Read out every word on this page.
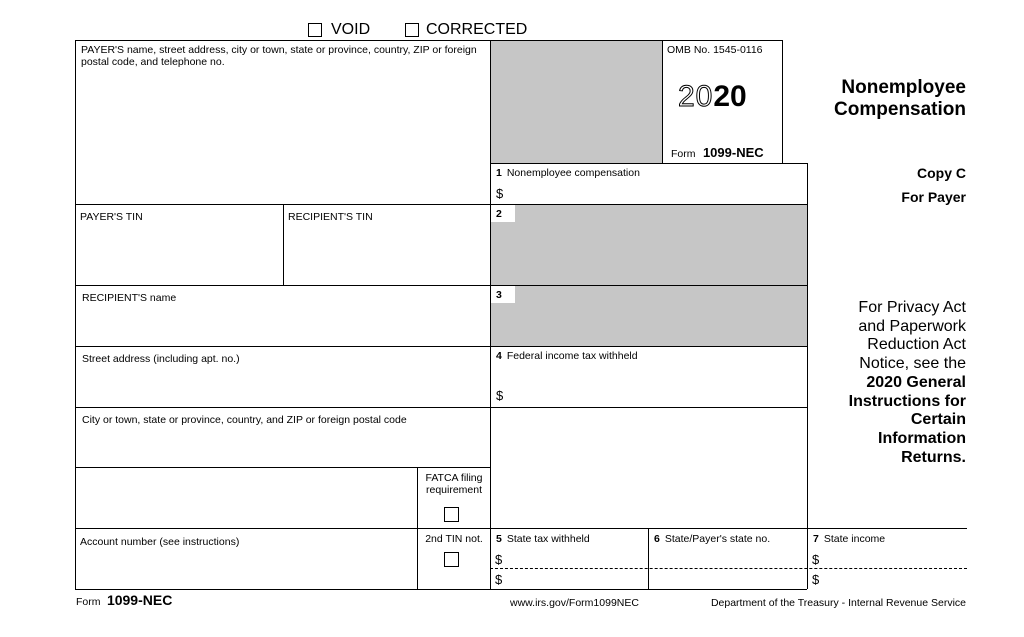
VOID	CORRECTED
PAYER'S name, street address, city or town, state or province, country, ZIP or foreign postal code, and telephone no.
OMB No. 1545-0116
2020
Form 1099-NEC
Nonemployee
Compensation
Copy C
For Payer
For Privacy Act
and Paperwork
Reduction Act
Notice, see the
2020 General
Instructions for
Certain
Information
Returns.
1 Nonemployee compensation
$
2
3
4 Federal income tax withheld
$
PAYER'S TIN	RECIPIENT'S TIN
RECIPIENT'S name
Street address (including apt. no.)
City or town, state or province, country, and ZIP or foreign postal code
FATCA filing
requirement
Account number (see instructions)	2nd TIN not.	5 State tax withheld
$
$
6 State/Payer's state no.	7 State income
$
$
Form 1099-NEC	www.irs.gov/Form1099NEC	Department of the Treasury - Internal Revenue Service
